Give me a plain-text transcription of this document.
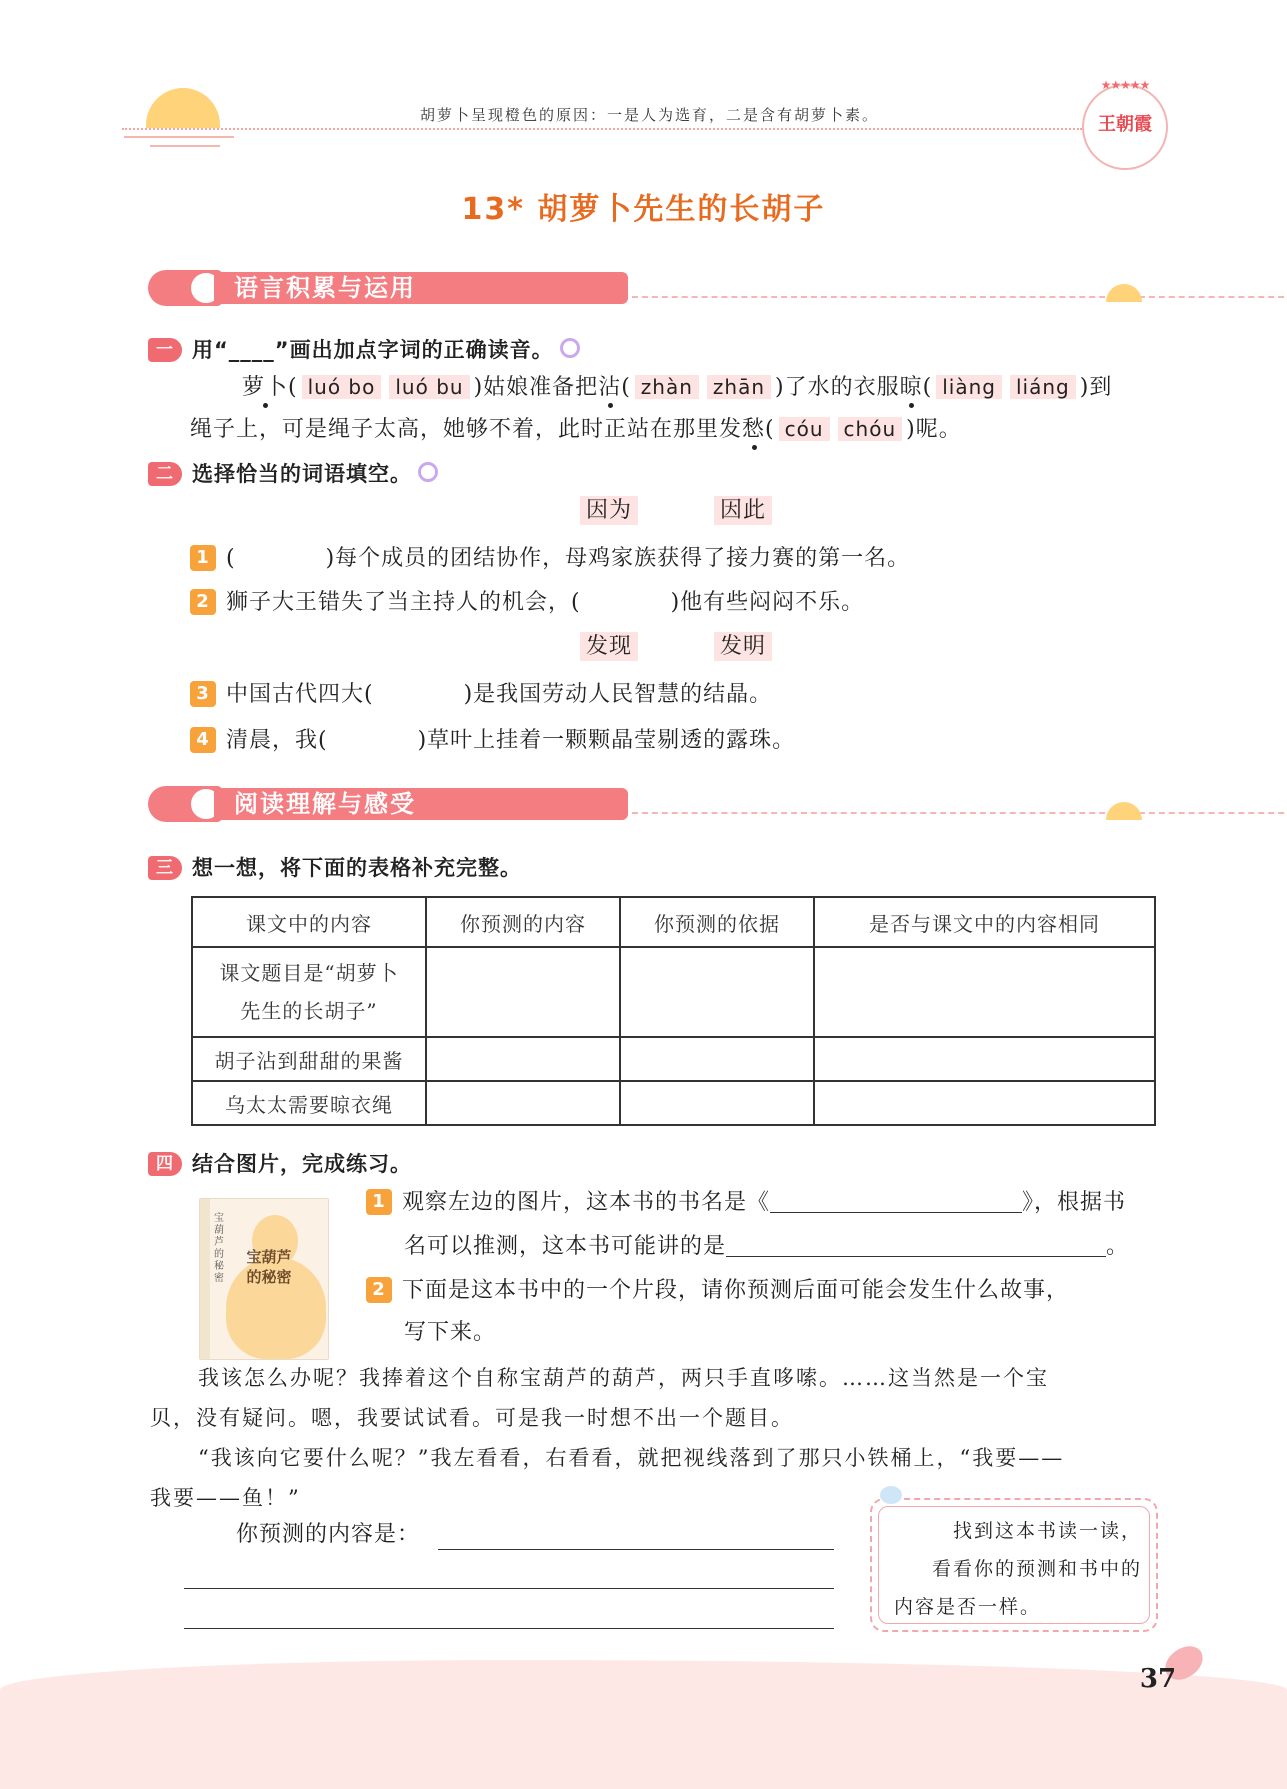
胡萝卜呈现橙色的原因：一是人为选育，二是含有胡萝卜素。
★★★★★
王朝霞
13* 胡萝卜先生的长胡子
语言积累与运用
一 用“____”画出加点字词的正确读音。
萝卜( luó bo luó bu )姑娘准备把沾( zhàn zhān )了水的衣服晾( liàng liáng )到
绳子上，可是绳子太高，她够不着，此时正站在那里发愁( cóu chóu )呢。
二 选择恰当的词语填空。
因为	因此
1 (	)每个成员的团结协作，母鸡家族获得了接力赛的第一名。
2 狮子大王错失了当主持人的机会，(	)他有些闷闷不乐。
发现	发明
3 中国古代四大(	)是我国劳动人民智慧的结晶。
4 清晨，我(	)草叶上挂着一颗颗晶莹剔透的露珠。
阅读理解与感受
三 想一想，将下面的表格补充完整。
课文中的内容	你预测的内容	你预测的依据	是否与课文中的内容相同
课文题目是“胡萝卜
先生的长胡子”			
胡子沾到甜甜的果酱			
乌太太需要晾衣绳			
四 结合图片，完成练习。
宝葫芦的秘密
宝葫芦
的秘密
1 观察左边的图片，这本书的书名是《	》，根据书
名可以推测，这本书可能讲的是	。
2 下面是这本书中的一个片段，请你预测后面可能会发生什么故事，
写下来。
我该怎么办呢？我捧着这个自称宝葫芦的葫芦，两只手直哆嗦。……这当然是一个宝
贝，没有疑问。嗯，我要试试看。可是我一时想不出一个题目。
“我该向它要什么呢？”我左看看，右看看，就把视线落到了那只小铁桶上，“我要——
我要——鱼！”
你预测的内容是：	找到这本书读一读，
看看你的预测和书中的
内容是否一样。
37
